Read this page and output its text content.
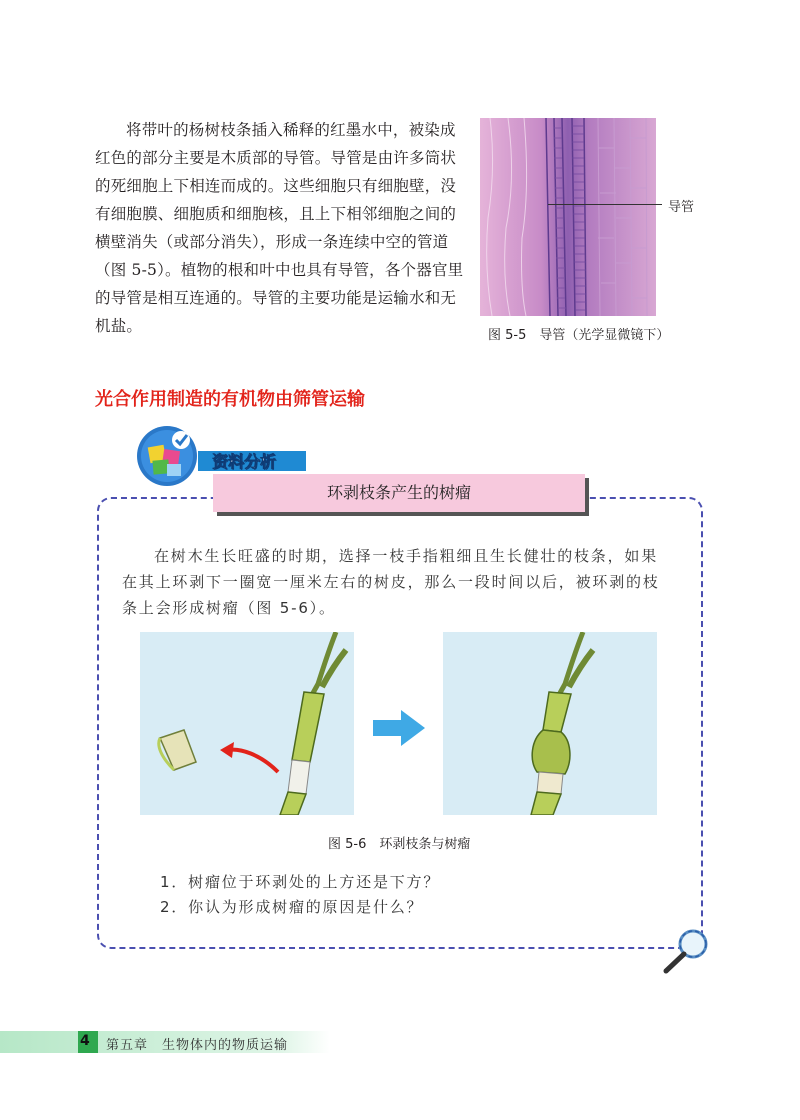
将带叶的杨树枝条插入稀释的红墨水中，被染成红色的部分主要是木质部的导管。导管是由许多筒状的死细胞上下相连而成的。这些细胞只有细胞壁，没有细胞膜、细胞质和细胞核，且上下相邻细胞之间的横壁消失（或部分消失），形成一条连续中空的管道（图 5-5）。植物的根和叶中也具有导管，各个器官里的导管是相互连通的。导管的主要功能是运输水和无机盐。

导管
图 5-5　导管（光学显微镜下）
光合作用制造的有机物由筛管运输
资料分析
环剥枝条产生的树瘤

在树木生长旺盛的时期，选择一枝手指粗细且生长健壮的枝条，如果在其上环剥下一圈宽一厘米左右的树皮，那么一段时间以后，被环剥的枝条上会形成树瘤（图 5-6）。

图 5-6　环剥枝条与树瘤
1．树瘤位于环剥处的上方还是下方？
2．你认为形成树瘤的原因是什么？
4 第五章　生物体内的物质运输
